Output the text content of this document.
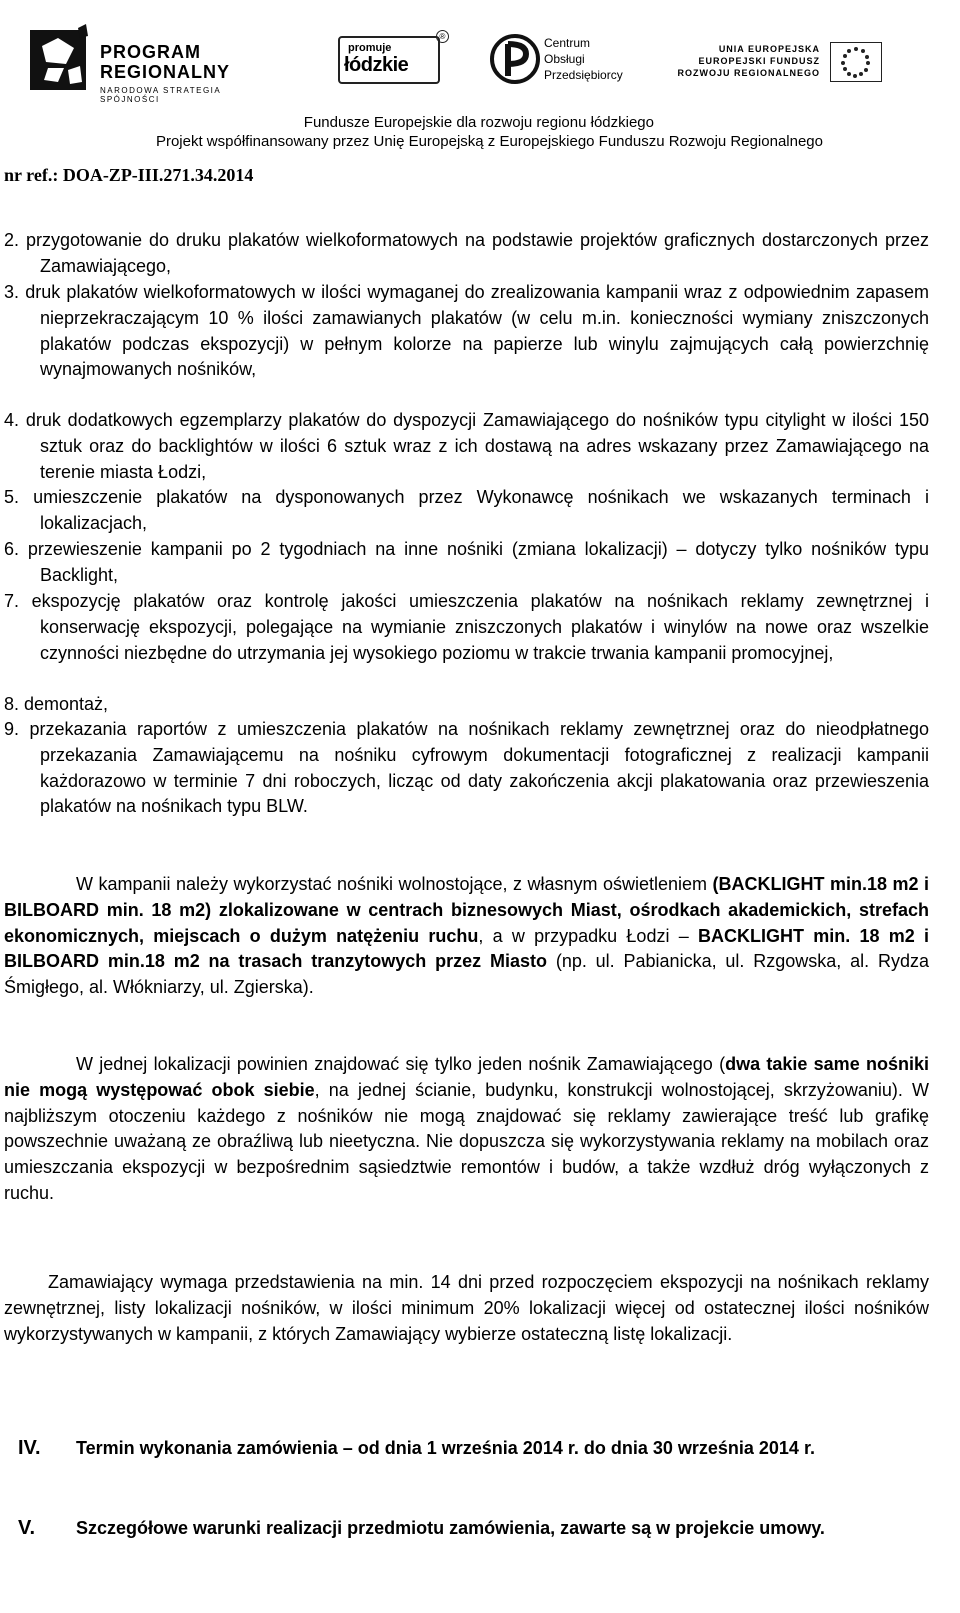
PROGRAM
REGIONALNY
NARODOWA STRATEGIA SPÓJNOŚCI
promuje
łódzkie
®	Centrum
Obsługi
Przedsiębiorcy
UNIA EUROPEJSKA
EUROPEJSKI FUNDUSZ
ROZWOJU REGIONALNEGO
Fundusze Europejskie dla rozwoju regionu łódzkiego
Projekt współfinansowany przez Unię Europejską z Europejskiego Funduszu Rozwoju Regionalnego
nr ref.: DOA-ZP-III.271.34.2014
2. przygotowanie do druku plakatów wielkoformatowych na podstawie projektów graficznych dostarczonych przez Zamawiającego,
3. druk plakatów wielkoformatowych w ilości wymaganej do zrealizowania kampanii wraz z odpowiednim zapasem nieprzekraczającym 10 % ilości zamawianych plakatów (w celu m.in. konieczności wymiany zniszczonych plakatów podczas ekspozycji) w pełnym kolorze na papierze lub winylu zajmujących całą powierzchnię wynajmowanych nośników,
4. druk dodatkowych egzemplarzy plakatów do dyspozycji Zamawiającego do nośników typu citylight w ilości 150 sztuk oraz do backlightów w ilości 6 sztuk wraz z ich dostawą na adres wskazany przez Zamawiającego na terenie miasta Łodzi,
5. umieszczenie plakatów na dysponowanych przez Wykonawcę nośnikach we wskazanych terminach i lokalizacjach,
6. przewieszenie kampanii po 2 tygodniach na inne nośniki (zmiana lokalizacji) – dotyczy tylko nośników typu Backlight,
7. ekspozycję plakatów oraz kontrolę jakości umieszczenia plakatów na nośnikach reklamy zewnętrznej i konserwację ekspozycji, polegające na wymianie zniszczonych plakatów i winylów na nowe oraz wszelkie czynności niezbędne do utrzymania jej wysokiego poziomu w trakcie trwania kampanii promocyjnej,
8. demontaż,
9. przekazania raportów z umieszczenia plakatów na nośnikach reklamy zewnętrznej oraz do nieodpłatnego przekazania Zamawiającemu na nośniku cyfrowym dokumentacji fotograficznej z realizacji kampanii każdorazowo w terminie 7 dni roboczych, licząc od daty zakończenia akcji plakatowania oraz przewieszenia plakatów na nośnikach typu BLW.
W kampanii należy wykorzystać nośniki wolnostojące, z własnym oświetleniem (BACKLIGHT min.18 m2 i BILBOARD min. 18 m2) zlokalizowane w centrach biznesowych Miast, ośrodkach akademickich, strefach ekonomicznych, miejscach o dużym natężeniu ruchu, a w przypadku Łodzi – BACKLIGHT min. 18 m2 i BILBOARD min.18 m2 na trasach tranzytowych przez Miasto (np. ul. Pabianicka, ul. Rzgowska, al. Rydza Śmigłego, al. Włókniarzy, ul. Zgierska).
W jednej lokalizacji powinien znajdować się tylko jeden nośnik Zamawiającego (dwa takie same nośniki nie mogą występować obok siebie, na jednej ścianie, budynku, konstrukcji wolnostojącej, skrzyżowaniu). W najbliższym otoczeniu każdego z nośników nie mogą znajdować się reklamy zawierające treść lub grafikę powszechnie uważaną ze obraźliwą lub nieetyczna. Nie dopuszcza się wykorzystywania reklamy na mobilach oraz umieszczania ekspozycji w bezpośrednim sąsiedztwie remontów i budów, a także wzdłuż dróg wyłączonych z ruchu.
Zamawiający wymaga przedstawienia na min. 14 dni przed rozpoczęciem ekspozycji na nośnikach reklamy zewnętrznej, listy lokalizacji nośników, w ilości minimum 20% lokalizacji więcej od ostatecznej ilości nośników wykorzystywanych w kampanii, z których Zamawiający wybierze ostateczną listę lokalizacji.
IV. Termin wykonania zamówienia – od dnia 1 września 2014 r. do dnia 30 września 2014 r.
V. Szczegółowe warunki realizacji przedmiotu zamówienia, zawarte są w projekcie umowy.
